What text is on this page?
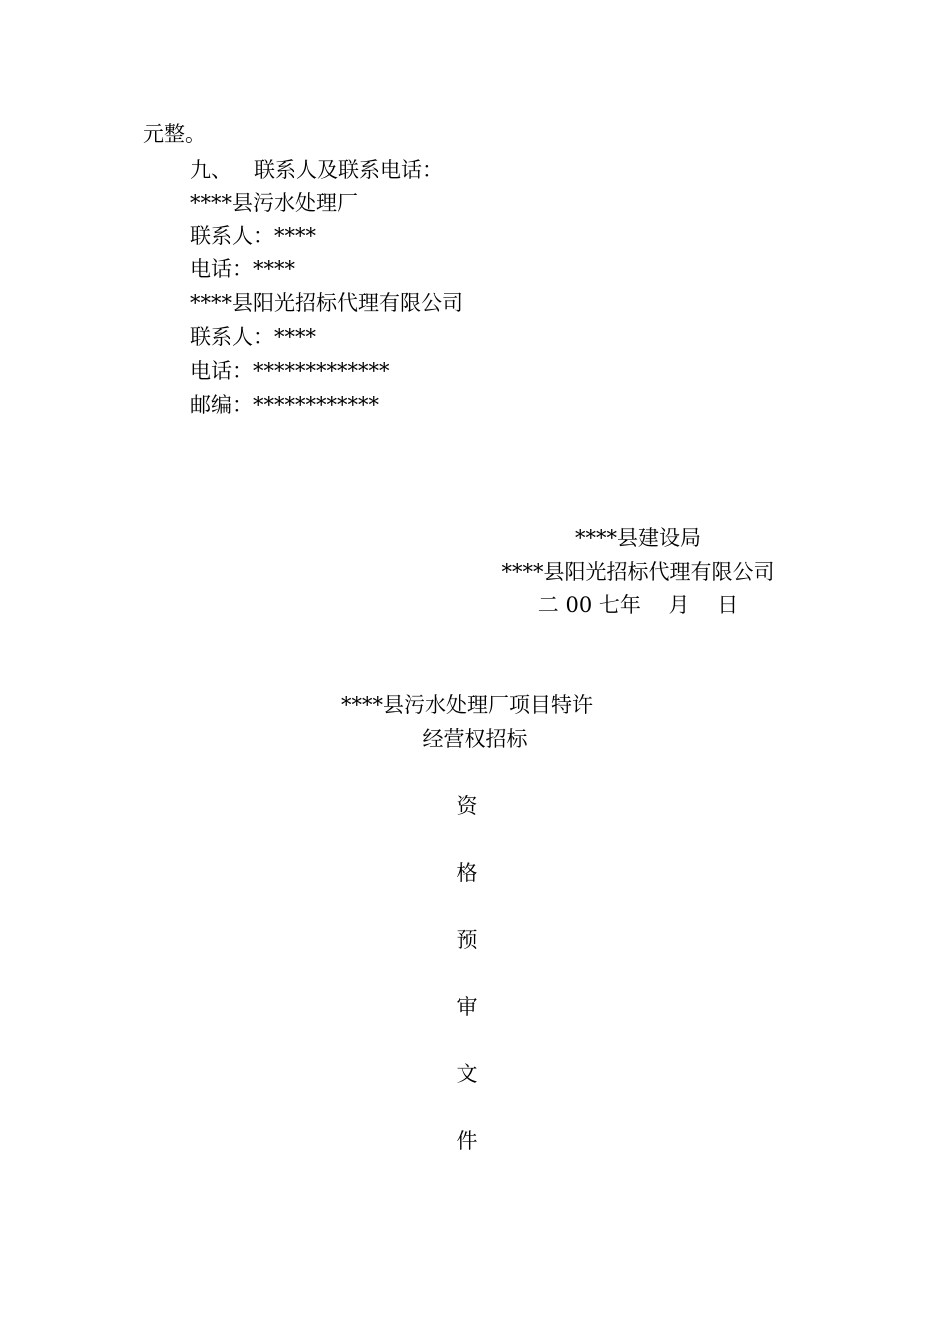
元整。
九、 联系人及联系电话：
****县污水处理厂
联系人：****
电话：****
****县阳光招标代理有限公司
联系人：****
电话：*************
邮编：************
****县建设局
****县阳光招标代理有限公司
二 00 七年　 月　 日
****县污水处理厂项目特许
经营权招标
资
格
预
审
文
件
